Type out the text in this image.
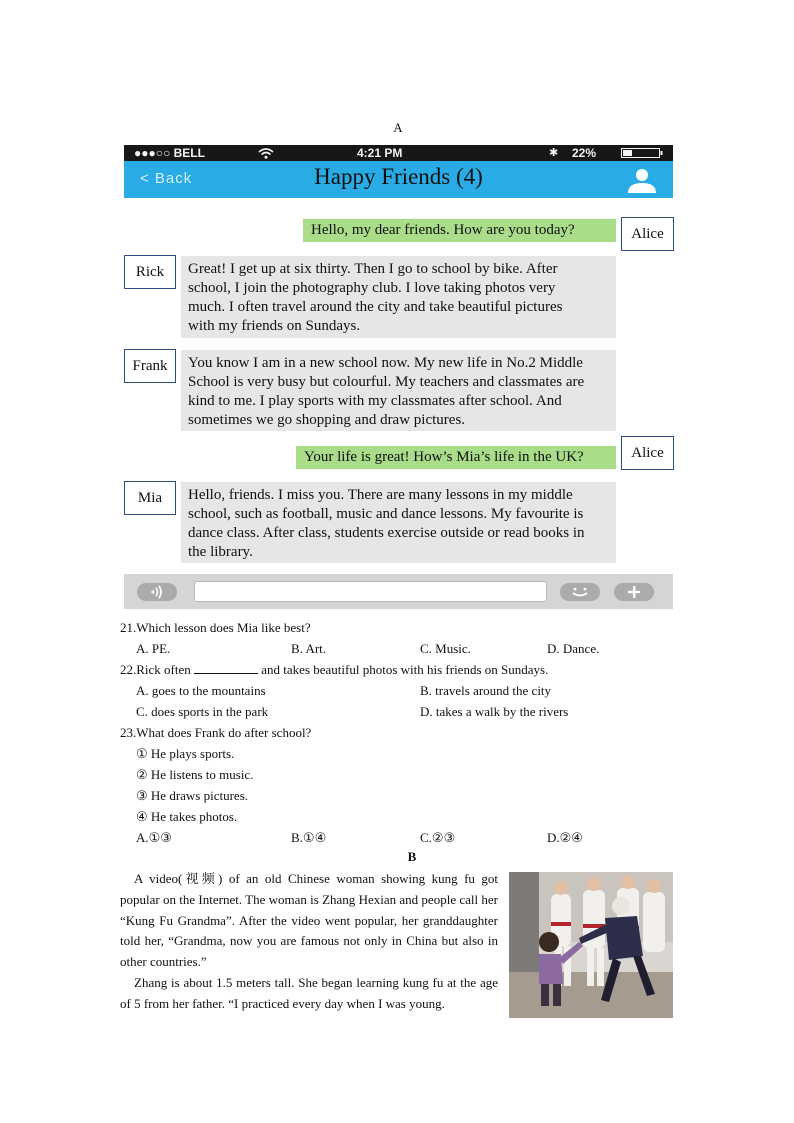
A
●●●○○ BELL	4:21 PM	✱ 22%
< Back	Happy Friends (4)
Hello, my dear friends. How are you today?	Alice
Rick	Great! I get up at six thirty. Then I go to school by bike. After
school, I join the photography club. I love taking photos very
much. I often travel around the city and take beautiful pictures
with my friends on Sundays.
Frank	You know I am in a new school now. My new life in No.2 Middle
School is very busy but colourful. My teachers and classmates are
kind to me. I play sports with my classmates after school. And
sometimes we go shopping and draw pictures.
Your life is great! How’s Mia’s life in the UK?	Alice
Mia	Hello, friends. I miss you. There are many lessons in my middle
school, such as football, music and dance lessons. My favourite is
dance class. After class, students exercise outside or read books in
the library.
21.Which lesson does Mia like best?
A. PE.	B. Art.	C. Music.	D. Dance.
22.Rick often	and takes beautiful photos with his friends on Sundays.
A. goes to the mountains	B. travels around the city
C. does sports in the park	D. takes a walk by the rivers
23.What does Frank do after school?
① He plays sports.
② He listens to music.
③ He draws pictures.
④ He takes photos.
A.①③	B.①④	C.②③	D.②④
B

A video(视频) of an old Chinese woman showing kung fu got popular on the Internet. The woman is Zhang Hexian and people call her “Kung Fu Grandma”. After the video went popular, her granddaughter told her, “Grandma, now you are famous not only in China but also in other countries.”

Zhang is about 1.5 meters tall. She began learning kung fu at the age of 5 from her father. “I practiced every day when I was young.
